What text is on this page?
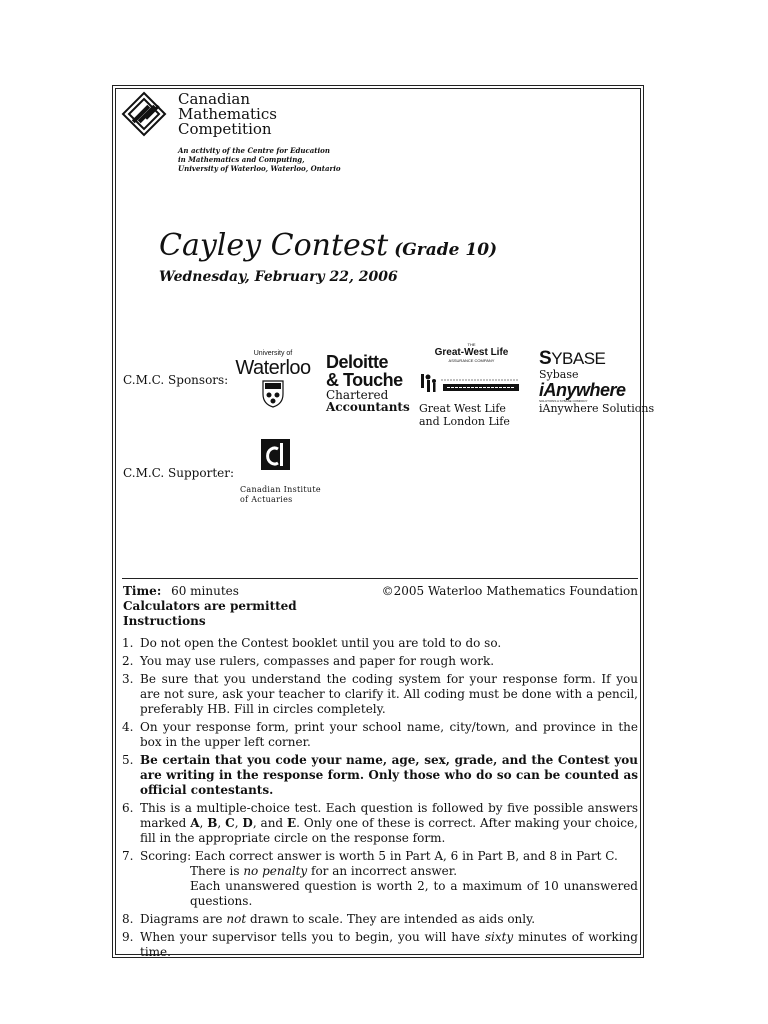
Canadian
Mathematics
Competition
An activity of the Centre for Education
in Mathematics and Computing,
University of Waterloo, Waterloo, Ontario
Cayley Contest (Grade 10)
Wednesday, February 22, 2006
C.M.C. Sponsors:
University of
Waterloo Deloitte
& Touche
Chartered
Accountants
THE
Great-West Life
ASSURANCE COMPANY
Great West Life
and London Life
SYBASE
Sybase
iAnywhere
SOLUTIONS A SYBASE COMPANY
iAnywhere Solutions
C.M.C. Supporter:
Canadian Institute
of Actuaries
Time: 60 minutes	©2005 Waterloo Mathematics Foundation
Calculators are permitted
Instructions
1. Do not open the Contest booklet until you are told to do so.
2. You may use rulers, compasses and paper for rough work.
3. Be sure that you understand the coding system for your response form. If you are not sure, ask your teacher to clarify it. All coding must be done with a pencil, preferably HB. Fill in circles completely.
4. On your response form, print your school name, city/town, and province in the box in the upper left corner.
5. Be certain that you code your name, age, sex, grade, and the Contest you are writing in the response form. Only those who do so can be counted as official contestants.
6. This is a multiple-choice test. Each question is followed by five possible answers marked A, B, C, D, and E. Only one of these is correct. After making your choice, fill in the appropriate circle on the response form.
7. Scoring: Each correct answer is worth 5 in Part A, 6 in Part B, and 8 in Part C.
There is no penalty for an incorrect answer.
Each unanswered question is worth 2, to a maximum of 10 unanswered questions.
8. Diagrams are not drawn to scale. They are intended as aids only.
9. When your supervisor tells you to begin, you will have sixty minutes of working time.
